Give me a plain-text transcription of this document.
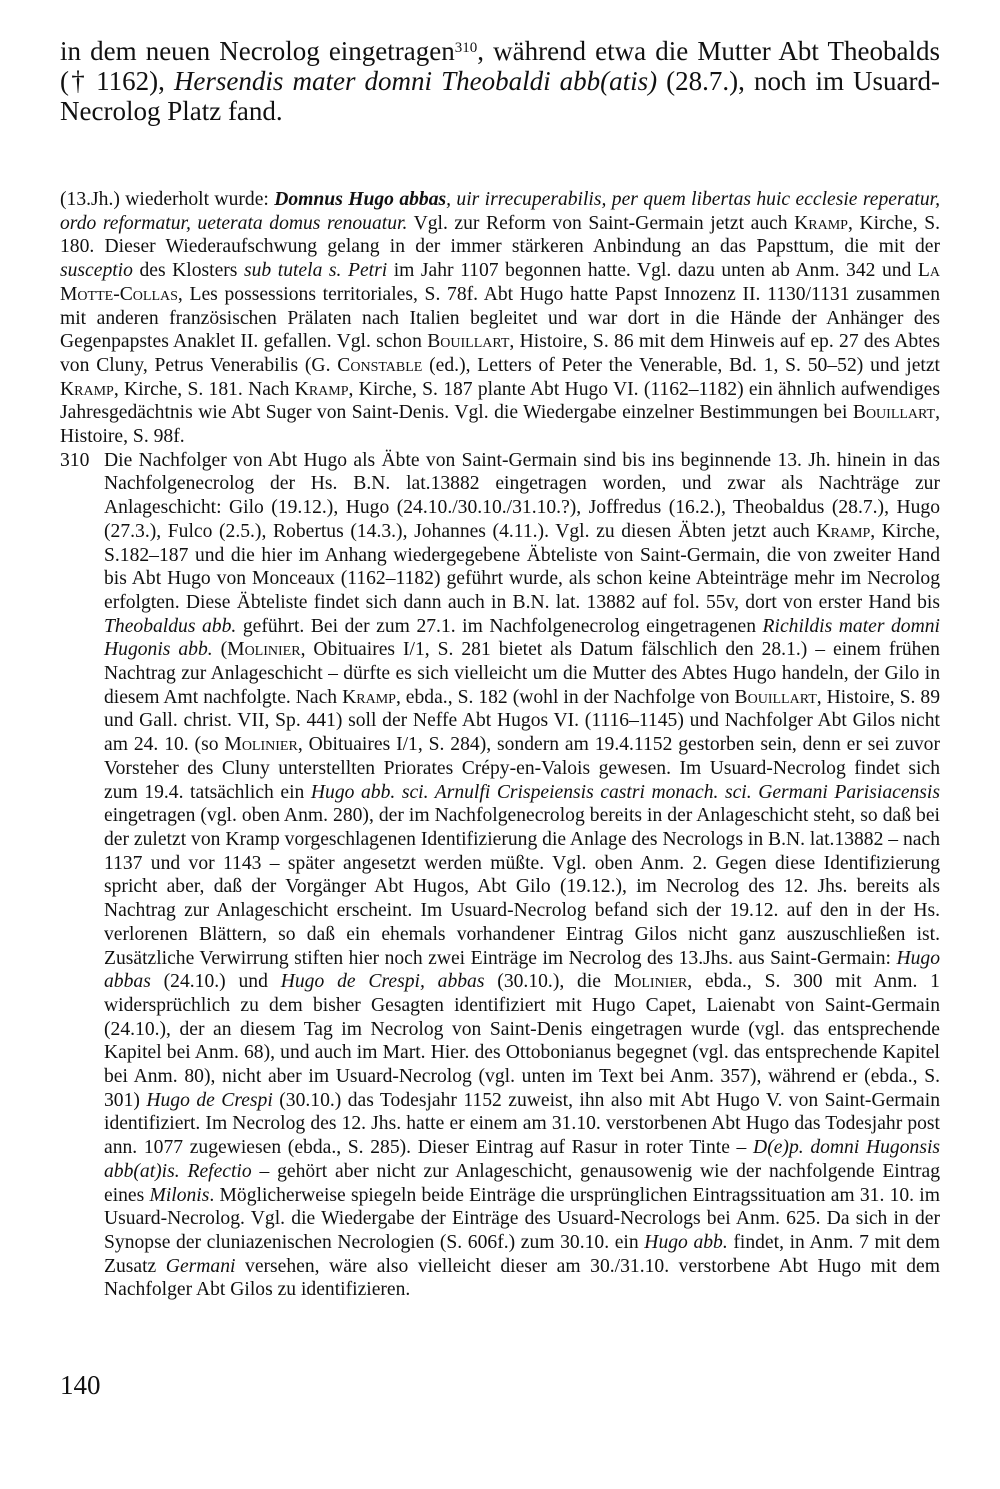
in dem neuen Necrolog eingetragen$^{310}$, während etwa die Mutter Abt Theobalds († 1162), Hersendis mater domni Theobaldi abb(atis) (28.7.), noch im Usuard-Necrolog Platz fand.

(13.Jh.) wiederholt wurde: Domnus Hugo abbas, uir irrecuperabilis, per quem libertas huic ecclesie reperatur, ordo reformatur, ueterata domus renouatur. Vgl. zur Reform von Saint-Germain jetzt auch Kramp, Kirche, S. 180. Dieser Wiederaufschwung gelang in der immer stärkeren Anbindung an das Papsttum, die mit der susceptio des Klosters sub tutela s. Petri im Jahr 1107 begonnen hatte. Vgl. dazu unten ab Anm. 342 und La Motte-Collas, Les possessions territoriales, S. 78f. Abt Hugo hatte Papst Innozenz II. 1130/1131 zusammen mit anderen französischen Prälaten nach Italien begleitet und war dort in die Hände der Anhänger des Gegenpapstes Anaklet II. gefallen. Vgl. schon Bouillart, Histoire, S. 86 mit dem Hinweis auf ep. 27 des Abtes von Cluny, Petrus Venerabilis (G. Constable (ed.), Letters of Peter the Venerable, Bd. 1, S. 50–52) und jetzt Kramp, Kirche, S. 181. Nach Kramp, Kirche, S. 187 plante Abt Hugo VI. (1162–1182) ein ähnlich aufwendiges Jahresgedächtnis wie Abt Suger von Saint-Denis. Vgl. die Wiedergabe einzelner Bestimmungen bei Bouillart, Histoire, S. 98f.

310 Die Nachfolger von Abt Hugo als Äbte von Saint-Germain sind bis ins beginnende 13. Jh. hinein in das Nachfolgenecrolog der Hs. B.N. lat.13882 eingetragen worden, und zwar als Nachträge zur Anlageschicht: Gilo (19.12.), Hugo (24.10./30.10./31.10.?), Joffredus (16.2.), Theobaldus (28.7.), Hugo (27.3.), Fulco (2.5.), Robertus (14.3.), Johannes (4.11.). Vgl. zu diesen Äbten jetzt auch Kramp, Kirche, S.182–187 und die hier im Anhang wiedergegebene Äbteliste von Saint-Germain, die von zweiter Hand bis Abt Hugo von Monceaux (1162–1182) geführt wurde, als schon keine Abteinträge mehr im Necrolog erfolgten. Diese Äbteliste findet sich dann auch in B.N. lat. 13882 auf fol. 55v, dort von erster Hand bis Theobaldus abb. geführt. Bei der zum 27.1. im Nachfolgenecrolog eingetragenen Richildis mater domni Hugonis abb. (Molinier, Obituaires I/1, S. 281 bietet als Datum fälschlich den 28.1.) – einem frühen Nachtrag zur Anlageschicht – dürfte es sich vielleicht um die Mutter des Abtes Hugo handeln, der Gilo in diesem Amt nachfolgte. Nach Kramp, ebda., S. 182 (wohl in der Nachfolge von Bouillart, Histoire, S. 89 und Gall. christ. VII, Sp. 441) soll der Neffe Abt Hugos VI. (1116–1145) und Nachfolger Abt Gilos nicht am 24. 10. (so Molinier, Obituaires I/1, S. 284), sondern am 19.4.1152 gestorben sein, denn er sei zuvor Vorsteher des Cluny unterstellten Priorates Crépy-en-Valois gewesen. Im Usuard-Necrolog findet sich zum 19.4. tatsächlich ein Hugo abb. sci. Arnulfi Crispeiensis castri monach. sci. Germani Parisiacensis eingetragen (vgl. oben Anm. 280), der im Nachfolgenecrolog bereits in der Anlageschicht steht, so daß bei der zuletzt von Kramp vorgeschlagenen Identifizierung die Anlage des Necrologs in B.N. lat.13882 – nach 1137 und vor 1143 – später angesetzt werden müßte. Vgl. oben Anm. 2. Gegen diese Identifizierung spricht aber, daß der Vorgänger Abt Hugos, Abt Gilo (19.12.), im Necrolog des 12. Jhs. bereits als Nachtrag zur Anlageschicht erscheint. Im Usuard-Necrolog befand sich der 19.12. auf den in der Hs. verlorenen Blättern, so daß ein ehemals vorhandener Eintrag Gilos nicht ganz auszuschließen ist. Zusätzliche Verwirrung stiften hier noch zwei Einträge im Necrolog des 13.Jhs. aus Saint-Germain: Hugo abbas (24.10.) und Hugo de Crespi, abbas (30.10.), die Molinier, ebda., S. 300 mit Anm. 1 widersprüchlich zu dem bisher Gesagten identifiziert mit Hugo Capet, Laienabt von Saint-Germain (24.10.), der an diesem Tag im Necrolog von Saint-Denis eingetragen wurde (vgl. das entsprechende Kapitel bei Anm. 68), und auch im Mart. Hier. des Ottobonianus begegnet (vgl. das entsprechende Kapitel bei Anm. 80), nicht aber im Usuard-Necrolog (vgl. unten im Text bei Anm. 357), während er (ebda., S. 301) Hugo de Crespi (30.10.) das Todesjahr 1152 zuweist, ihn also mit Abt Hugo V. von Saint-Germain identifiziert. Im Necrolog des 12. Jhs. hatte er einem am 31.10. verstorbenen Abt Hugo das Todesjahr post ann. 1077 zugewiesen (ebda., S. 285). Dieser Eintrag auf Rasur in roter Tinte – D(e)p. domni Hugonsis abb(at)is. Refectio – gehört aber nicht zur Anlageschicht, genausowenig wie der nachfolgende Eintrag eines Milonis. Möglicherweise spiegeln beide Einträge die ursprünglichen Eintragssituation am 31. 10. im Usuard-Necrolog. Vgl. die Wiedergabe der Einträge des Usuard-Necrologs bei Anm. 625. Da sich in der Synopse der cluniazenischen Necrologien (S. 606f.) zum 30.10. ein Hugo abb. findet, in Anm. 7 mit dem Zusatz Germani versehen, wäre also vielleicht dieser am 30./31.10. verstorbene Abt Hugo mit dem Nachfolger Abt Gilos zu identifizieren.

140
